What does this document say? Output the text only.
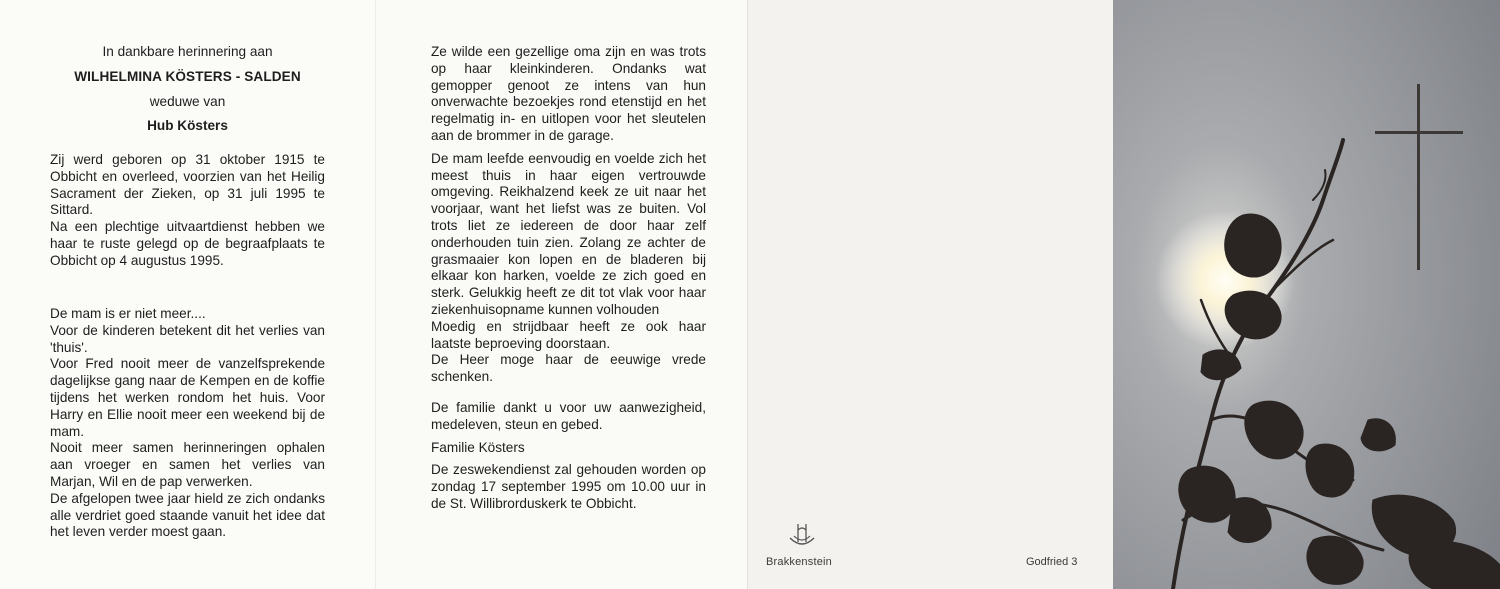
In dankbare herinnering aan
WILHELMINA KÖSTERS - SALDEN
weduwe van
Hub Kösters

Zij werd geboren op 31 oktober 1915 te Obbicht en overleed, voorzien van het Heilig Sacrament der Zieken, op 31 juli 1995 te Sittard.

Na een plechtige uitvaartdienst hebben we haar te ruste gelegd op de begraafplaats te Obbicht op 4 augustus 1995.

De mam is er niet meer....

Voor de kinderen betekent dit het verlies van 'thuis'.

Voor Fred nooit meer de vanzelfsprekende dagelijkse gang naar de Kempen en de koffie tijdens het werken rondom het huis. Voor Harry en Ellie nooit meer een weekend bij de mam.

Nooit meer samen herinneringen ophalen aan vroeger en samen het verlies van Marjan, Wil en de pap verwerken.

De afgelopen twee jaar hield ze zich ondanks alle verdriet goed staande vanuit het idee dat het leven verder moest gaan.

Ze wilde een gezellige oma zijn en was trots op haar kleinkinderen. Ondanks wat gemopper genoot ze intens van hun onverwachte bezoekjes rond etenstijd en het regelmatig in- en uitlopen voor het sleutelen aan de brommer in de garage.

De mam leefde eenvoudig en voelde zich het meest thuis in haar eigen vertrouwde omgeving. Reikhalzend keek ze uit naar het voorjaar, want het liefst was ze buiten. Vol trots liet ze iedereen de door haar zelf onderhouden tuin zien. Zolang ze achter de grasmaaier kon lopen en de bladeren bij elkaar kon harken, voelde ze zich goed en sterk. Gelukkig heeft ze dit tot vlak voor haar ziekenhuisopname kunnen volhouden

Moedig en strijdbaar heeft ze ook haar laatste beproeving doorstaan.

De Heer moge haar de eeuwige vrede schenken.

De familie dankt u voor uw aanwezigheid, medeleven, steun en gebed.

Familie Kösters

De zeswekendienst zal gehouden worden op zondag 17 september 1995 om 10.00 uur in de St. Willibrorduskerk te Obbicht.

Brakkenstein	Godfried 3
